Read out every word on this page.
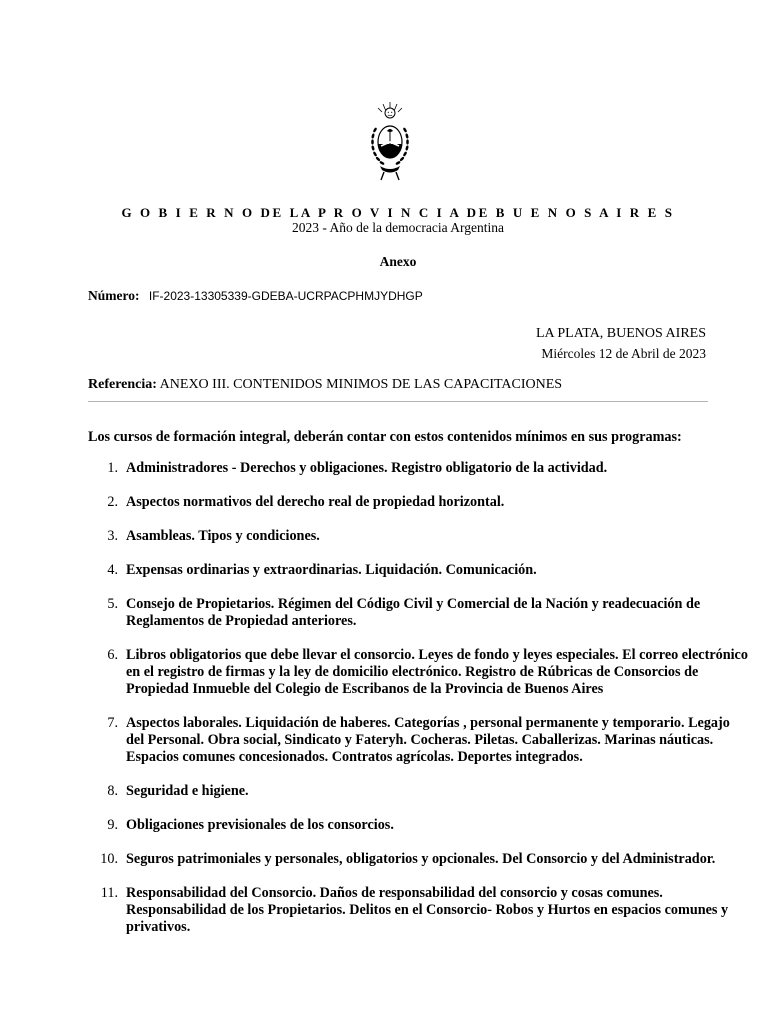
G O B I E R N O DE LA P R O V I N C I A DE B U E N O S A I R E S
2023 - Año de la democracia Argentina
Anexo
Número: IF-2023-13305339-GDEBA-UCRPACPHMJYDHGP
LA PLATA, BUENOS AIRES
Miércoles 12 de Abril de 2023
Referencia: ANEXO III. CONTENIDOS MINIMOS DE LAS CAPACITACIONES
Los cursos de formación integral, deberán contar con estos contenidos mínimos en sus programas:
1. Administradores - Derechos y obligaciones. Registro obligatorio de la actividad.
2. Aspectos normativos del derecho real de propiedad horizontal.
3. Asambleas. Tipos y condiciones.
4. Expensas ordinarias y extraordinarias. Liquidación. Comunicación.
5. Consejo de Propietarios. Régimen del Código Civil y Comercial de la Nación y readecuación de Reglamentos de Propiedad anteriores.
6. Libros obligatorios que debe llevar el consorcio. Leyes de fondo y leyes especiales. El correo electrónico en el registro de firmas y la ley de domicilio electrónico. Registro de Rúbricas de Consorcios de Propiedad Inmueble del Colegio de Escribanos de la Provincia de Buenos Aires
7. Aspectos laborales. Liquidación de haberes. Categorías , personal permanente y temporario. Legajo del Personal. Obra social, Sindicato y Fateryh. Cocheras. Piletas. Caballerizas. Marinas náuticas. Espacios comunes concesionados. Contratos agrícolas. Deportes integrados.
8. Seguridad e higiene.
9. Obligaciones previsionales de los consorcios.
10. Seguros patrimoniales y personales, obligatorios y opcionales. Del Consorcio y del Administrador.
11. Responsabilidad del Consorcio. Daños de responsabilidad del consorcio y cosas comunes. Responsabilidad de los Propietarios. Delitos en el Consorcio- Robos y Hurtos en espacios comunes y privativos.
